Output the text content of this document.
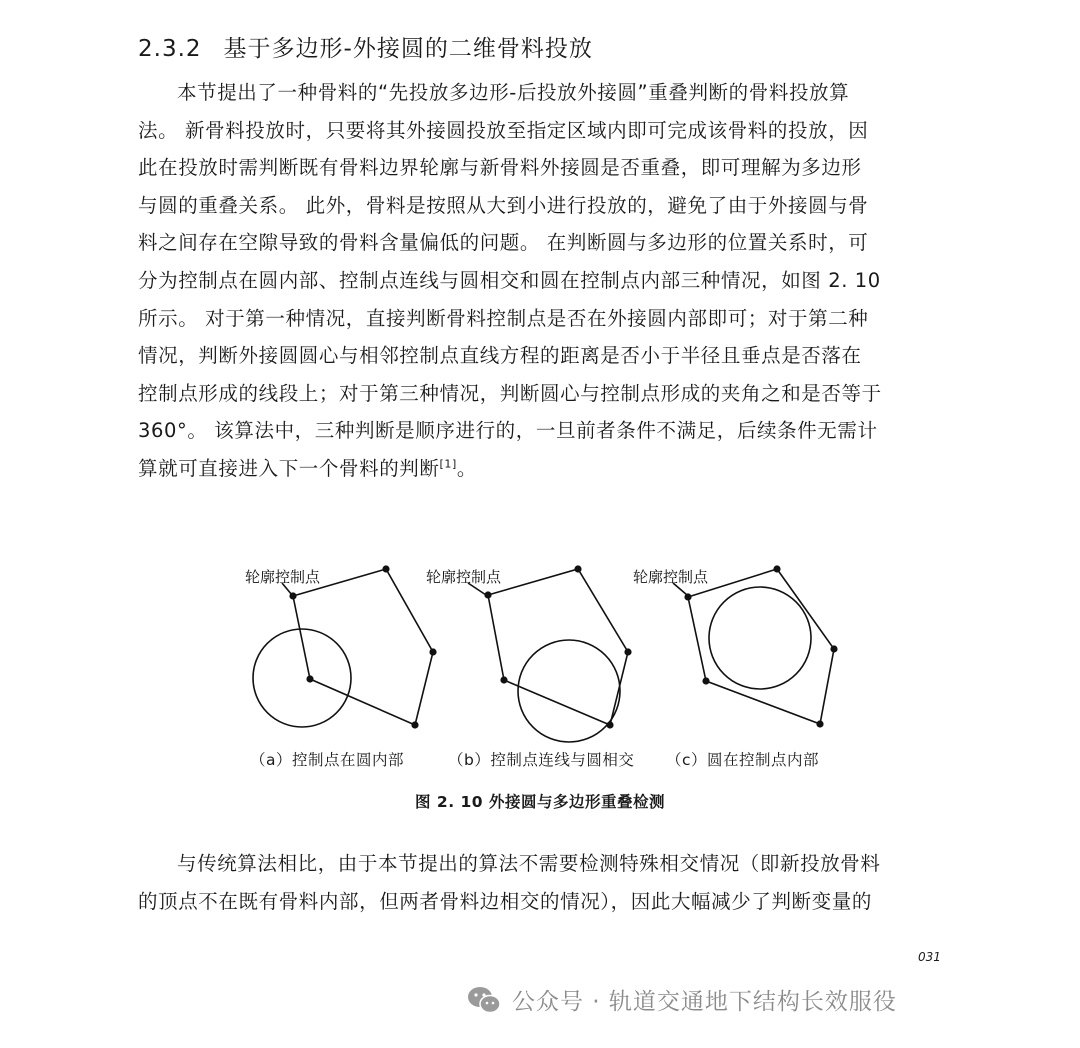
2.3.2 基于多边形-外接圆的二维骨料投放

本节提出了一种骨料的“先投放多边形-后投放外接圆”重叠判断的骨料投放算

法。 新骨料投放时，只要将其外接圆投放至指定区域内即可完成该骨料的投放，因

此在投放时需判断既有骨料边界轮廓与新骨料外接圆是否重叠，即可理解为多边形

与圆的重叠关系。 此外，骨料是按照从大到小进行投放的，避免了由于外接圆与骨

料之间存在空隙导致的骨料含量偏低的问题。 在判断圆与多边形的位置关系时，可

分为控制点在圆内部、控制点连线与圆相交和圆在控制点内部三种情况，如图 2. 10

所示。 对于第一种情况，直接判断骨料控制点是否在外接圆内部即可；对于第二种

情况，判断外接圆圆心与相邻控制点直线方程的距离是否小于半径且垂点是否落在

控制点形成的线段上；对于第三种情况，判断圆心与控制点形成的夹角之和是否等于

360°。 该算法中，三种判断是顺序进行的，一旦前者条件不满足，后续条件无需计

算就可直接进入下一个骨料的判断[1]。

轮廓控制点	轮廓控制点	轮廓控制点
（a）控制点在圆内部	（b）控制点连线与圆相交 （c）圆在控制点内部
图 2. 10 外接圆与多边形重叠检测

与传统算法相比，由于本节提出的算法不需要检测特殊相交情况（即新投放骨料

的顶点不在既有骨料内部，但两者骨料边相交的情况），因此大幅减少了判断变量的

031
公众号 · 轨道交通地下结构长效服役
